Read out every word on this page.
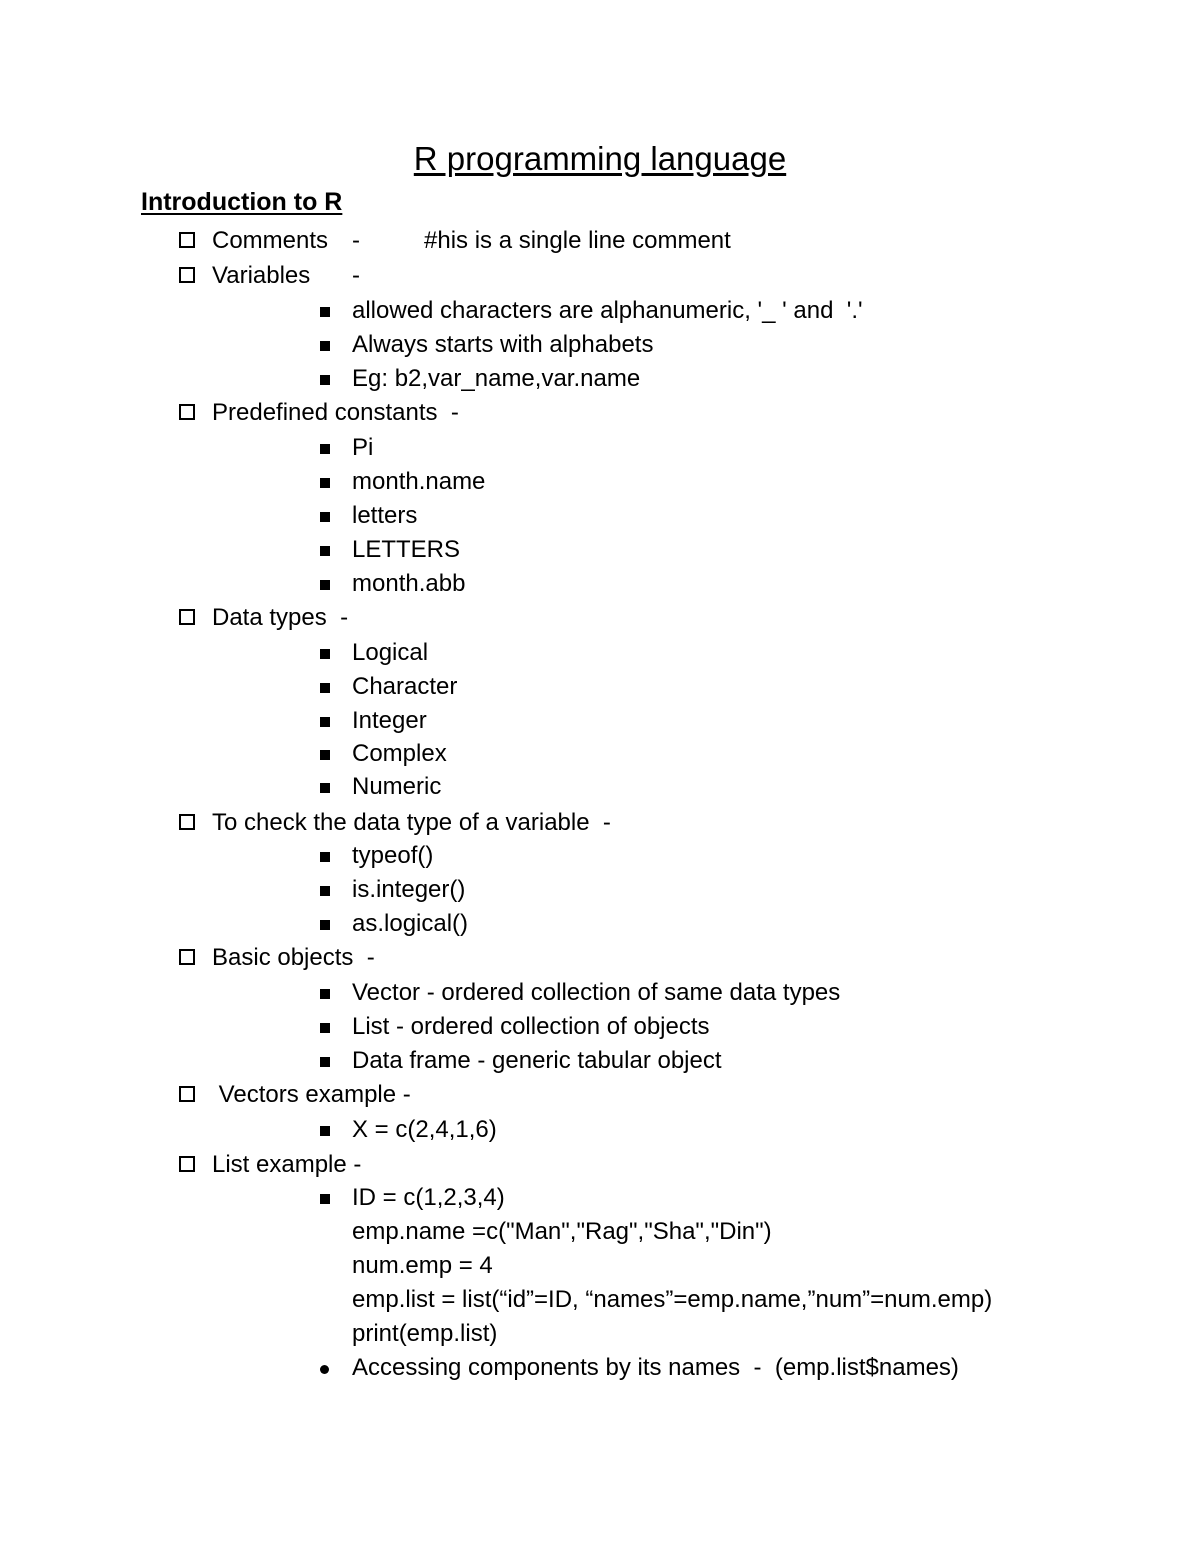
R programming language
Introduction to R
Comments -	#his is a single line comment
Variables -
allowed characters are alphanumeric, '_ ' and  '.'
Always starts with alphabets
Eg: b2,var_name,var.name
Predefined constants  -
Pi
month.name
letters
LETTERS
month.abb
Data types  -
Logical
Character
Integer
Complex
Numeric
To check the data type of a variable  -
typeof()
is.integer()
as.logical()
Basic objects  -
Vector - ordered collection of same data types
List - ordered collection of objects
Data frame - generic tabular object
Vectors example -
X = c(2,4,1,6)
List example -
ID = c(1,2,3,4)
emp.name =c("Man","Rag","Sha","Din")
num.emp = 4
emp.list = list(“id”=ID, “names”=emp.name,”num”=num.emp)
print(emp.list)
Accessing components by its names  -  (emp.list$names)
